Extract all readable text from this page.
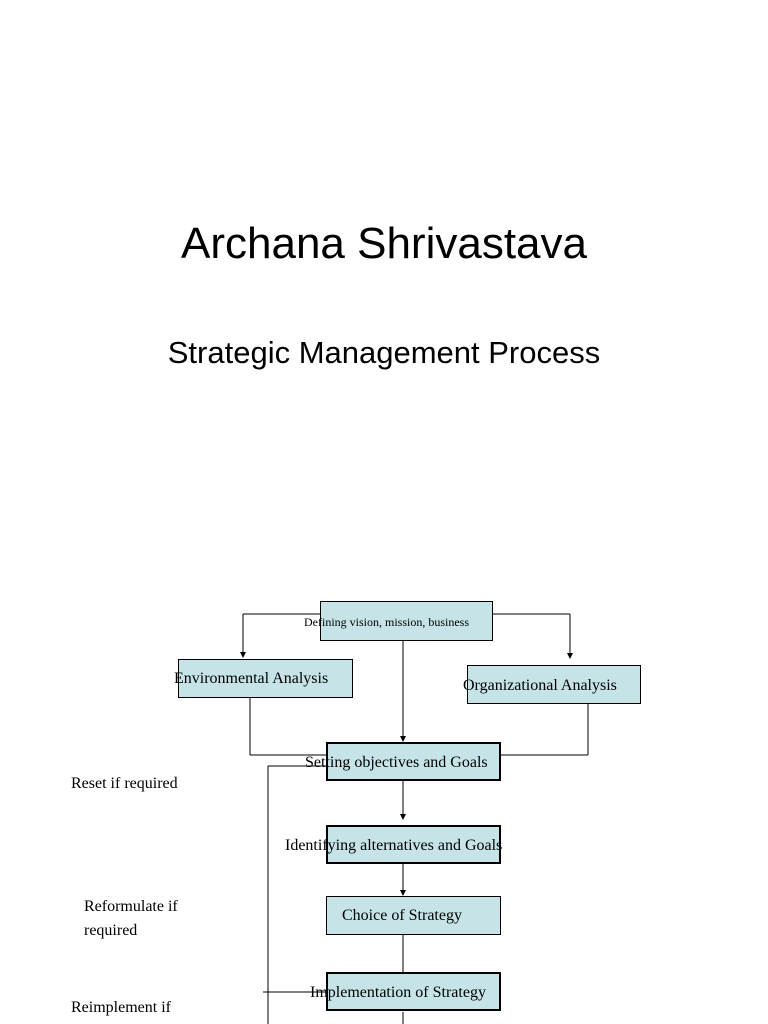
Archana Shrivastava
Strategic Management Process
Defining vision, mission, business
Environmental Analysis	Organizational Analysis
Setting objectives and Goals
Identifying alternatives and Goals
Choice of Strategy
Implementation of Strategy
Reset if required
Reformulate if required
Reimplement if
